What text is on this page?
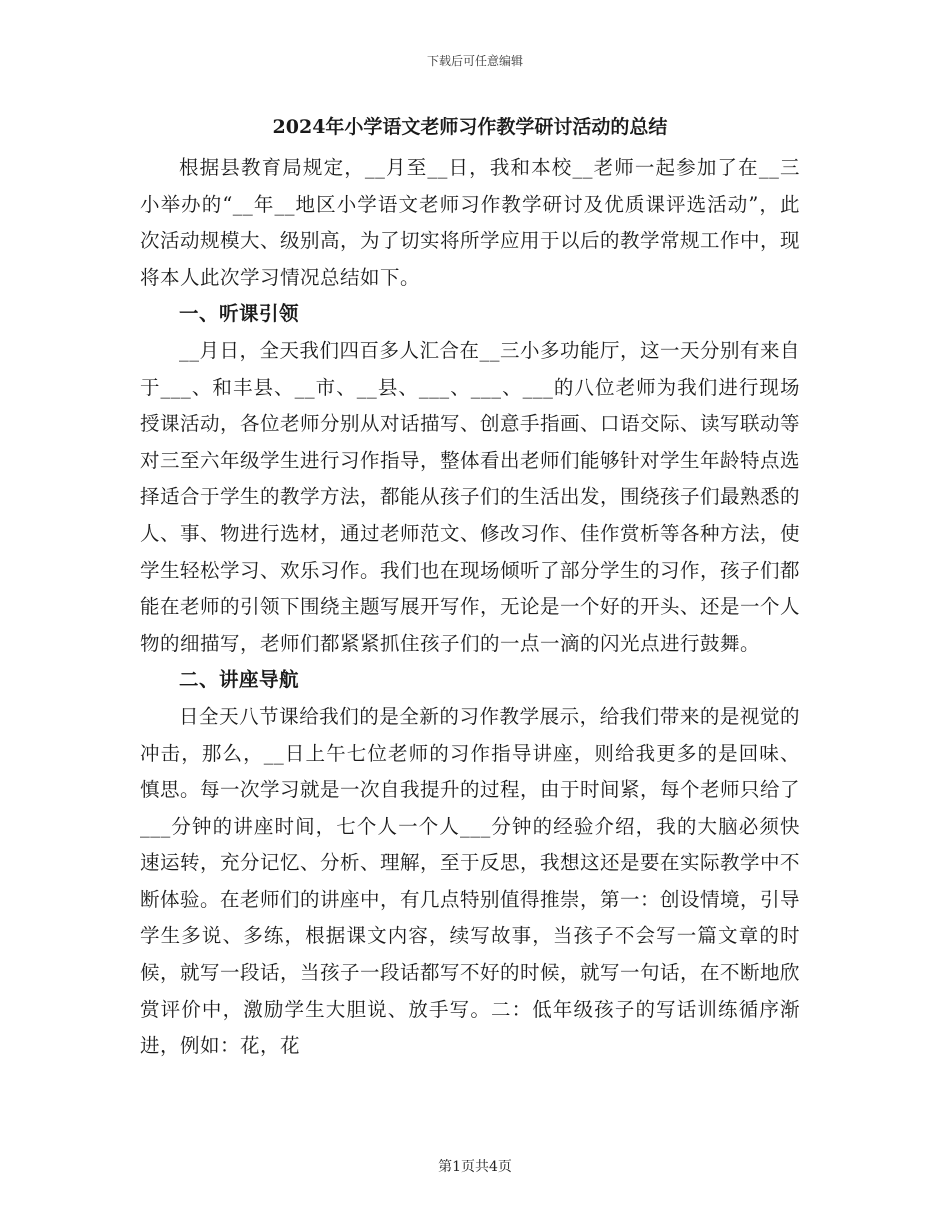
下载后可任意编辑
2024年小学语文老师习作教学研讨活动的总结

根据县教育局规定，__月至__日，我和本校__老师一起参加了在__三小举办的“__年__地区小学语文老师习作教学研讨及优质课评选活动”，此次活动规模大、级别高，为了切实将所学应用于以后的教学常规工作中，现将本人此次学习情况总结如下。

一、听课引领

__月日，全天我们四百多人汇合在__三小多功能厅，这一天分别有来自于___、和丰县、__市、__县、___、___、___的八位老师为我们进行现场授课活动，各位老师分别从对话描写、创意手指画、口语交际、读写联动等对三至六年级学生进行习作指导，整体看出老师们能够针对学生年龄特点选择适合于学生的教学方法，都能从孩子们的生活出发，围绕孩子们最熟悉的人、事、物进行选材，通过老师范文、修改习作、佳作赏析等各种方法，使学生轻松学习、欢乐习作。我们也在现场倾听了部分学生的习作，孩子们都能在老师的引领下围绕主题写展开写作，无论是一个好的开头、还是一个人物的细描写，老师们都紧紧抓住孩子们的一点一滴的闪光点进行鼓舞。

二、讲座导航

日全天八节课给我们的是全新的习作教学展示，给我们带来的是视觉的冲击，那么，__日上午七位老师的习作指导讲座，则给我更多的是回味、慎思。每一次学习就是一次自我提升的过程，由于时间紧，每个老师只给了___分钟的讲座时间，七个人一个人___分钟的经验介绍，我的大脑必须快速运转，充分记忆、分析、理解，至于反思，我想这还是要在实际教学中不断体验。在老师们的讲座中，有几点特别值得推崇，第一：创设情境，引导学生多说、多练，根据课文内容，续写故事，当孩子不会写一篇文章的时候，就写一段话，当孩子一段话都写不好的时候，就写一句话，在不断地欣赏评价中，激励学生大胆说、放手写。二：低年级孩子的写话训练循序渐进，例如：花，花

第1页共4页
